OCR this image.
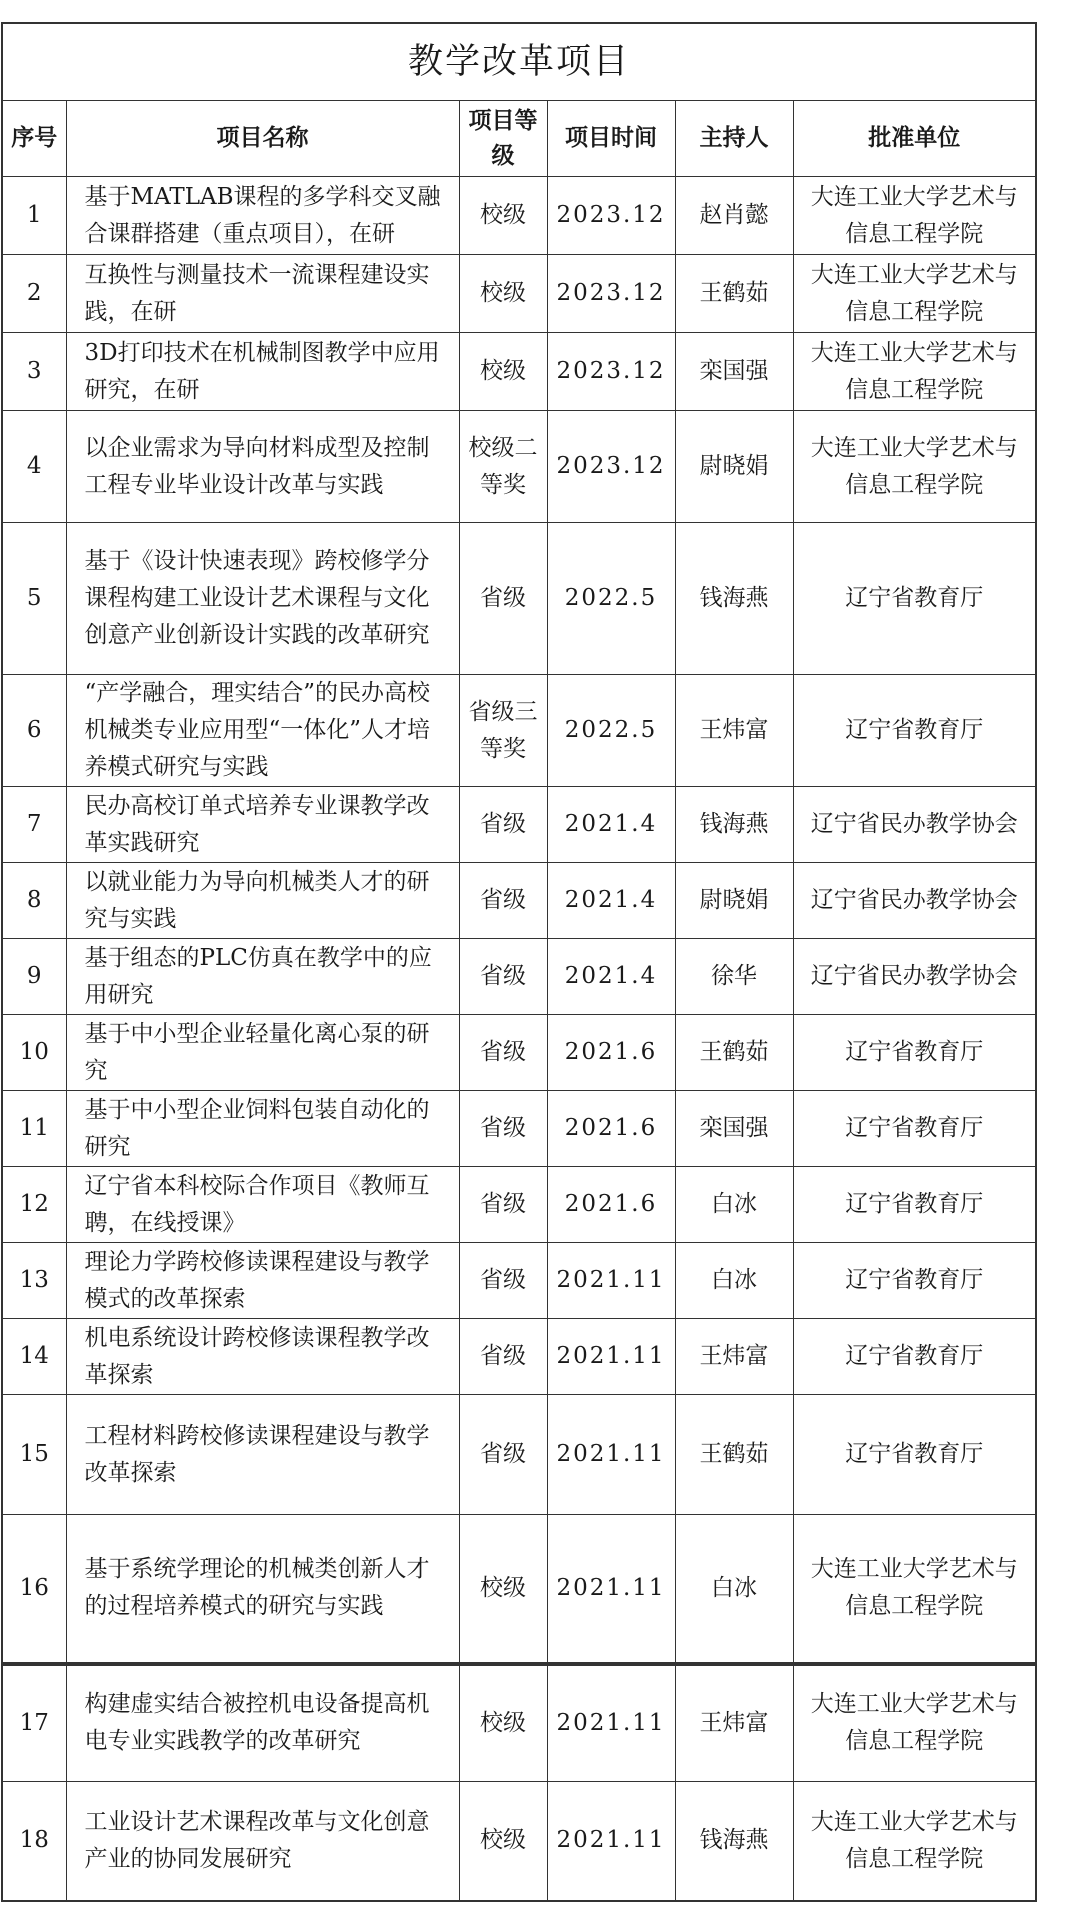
教学改革项目					
序号	项目名称	项目等级	项目时间	主持人	批准单位
1	基于MATLAB课程的多学科交叉融合课群搭建（重点项目），在研	校级	2023.12	赵肖懿	大连工业大学艺术与信息工程学院
2	互换性与测量技术一流课程建设实践，在研	校级	2023.12	王鹤茹	大连工业大学艺术与信息工程学院
3	3D打印技术在机械制图教学中应用研究，在研	校级	2023.12	栾国强	大连工业大学艺术与信息工程学院
4	以企业需求为导向材料成型及控制工程专业毕业设计改革与实践	校级二等奖	2023.12	尉晓娟	大连工业大学艺术与信息工程学院
5	基于《设计快速表现》跨校修学分课程构建工业设计艺术课程与文化创意产业创新设计实践的改革研究	省级	2022.5	钱海燕	辽宁省教育厅
6	“产学融合，理实结合”的民办高校机械类专业应用型“一体化”人才培养模式研究与实践	省级三等奖	2022.5	王炜富	辽宁省教育厅
7	民办高校订单式培养专业课教学改革实践研究	省级	2021.4	钱海燕	辽宁省民办教学协会
8	以就业能力为导向机械类人才的研究与实践	省级	2021.4	尉晓娟	辽宁省民办教学协会
9	基于组态的PLC仿真在教学中的应用研究	省级	2021.4	徐华	辽宁省民办教学协会
10	基于中小型企业轻量化离心泵的研究	省级	2021.6	王鹤茹	辽宁省教育厅
11	基于中小型企业饲料包装自动化的研究	省级	2021.6	栾国强	辽宁省教育厅
12	辽宁省本科校际合作项目《教师互聘，在线授课》	省级	2021.6	白冰	辽宁省教育厅
13	理论力学跨校修读课程建设与教学模式的改革探索	省级	2021.11	白冰	辽宁省教育厅
14	机电系统设计跨校修读课程教学改革探索	省级	2021.11	王炜富	辽宁省教育厅
15	工程材料跨校修读课程建设与教学改革探索	省级	2021.11	王鹤茹	辽宁省教育厅
16	基于系统学理论的机械类创新人才的过程培养模式的研究与实践	校级	2021.11	白冰	大连工业大学艺术与信息工程学院
17	构建虚实结合被控机电设备提高机电专业实践教学的改革研究	校级	2021.11	王炜富	大连工业大学艺术与信息工程学院
18	工业设计艺术课程改革与文化创意产业的协同发展研究	校级	2021.11	钱海燕	大连工业大学艺术与信息工程学院
